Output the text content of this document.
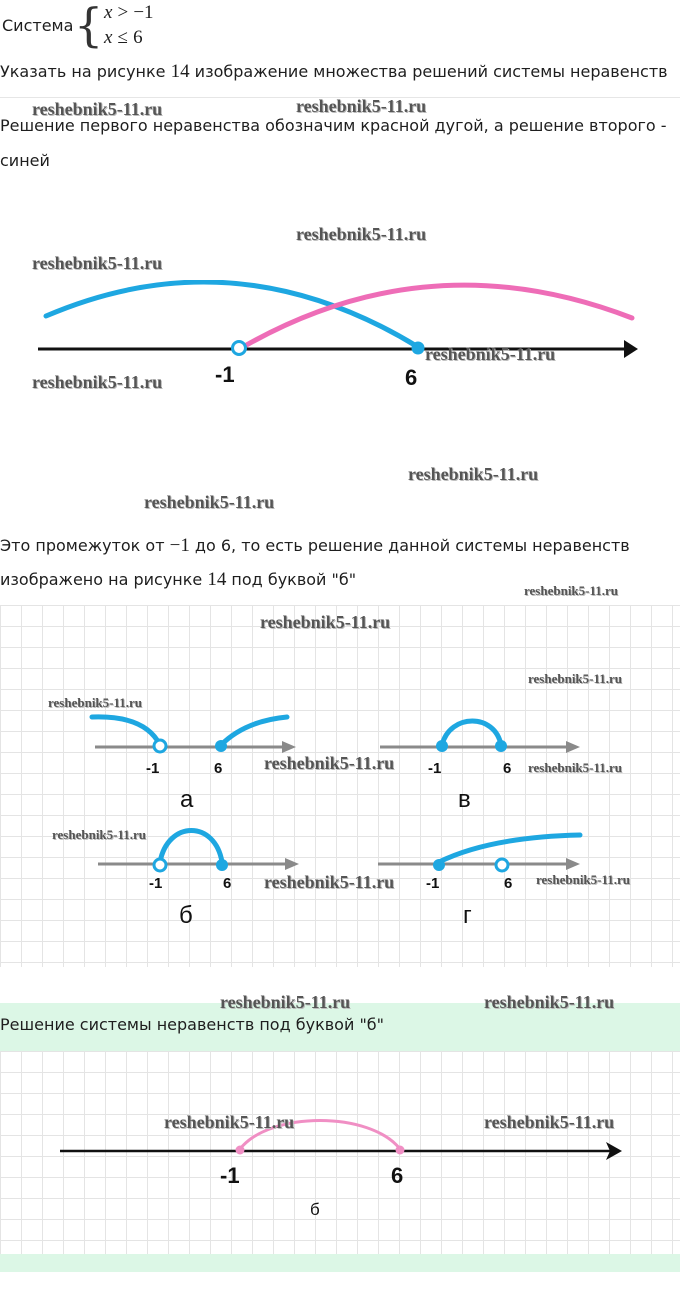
Система { x > −1
x ≤ 6
Указать на рисунке 14 изображение множества решений системы неравенств
Решение первого неравенства обозначим красной дугой, а решение второго -
синей
-1	6
Это промежуток от −1 до 6, то есть решение данной системы неравенств
изображено на рисунке 14 под буквой "б"
-1	6
а
-1	6
в
-1	6
б
-1	6
г
Решение системы неравенств под буквой "б"
-1	6
б
reshebnik5-11.ru	reshebnik5-11.ru
reshebnik5-11.ru
reshebnik5-11.ru
reshebnik5-11.ru
reshebnik5-11.ru
reshebnik5-11.ru
reshebnik5-11.ru
reshebnik5-11.ru
reshebnik5-11.ru
reshebnik5-11.ru
reshebnik5-11.ru
reshebnik5-11.ru	reshebnik5-11.ru
reshebnik5-11.ru
reshebnik5-11.ru	reshebnik5-11.ru
reshebnik5-11.ru	reshebnik5-11.ru
reshebnik5-11.ru	reshebnik5-11.ru
